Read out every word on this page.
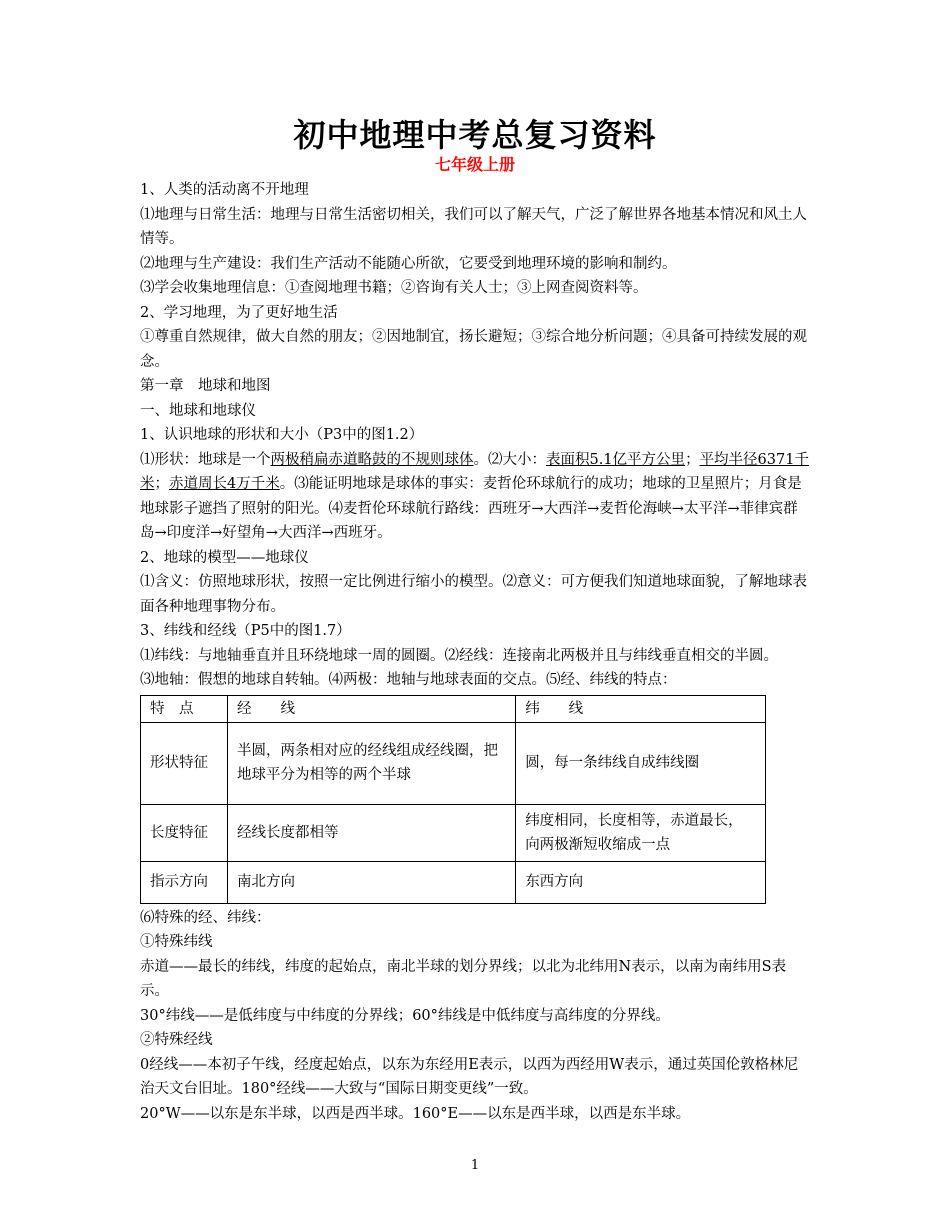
初中地理中考总复习资料
七年级上册

1、人类的活动离不开地理

⑴地理与日常生活：地理与日常生活密切相关，我们可以了解天气，广泛了解世界各地基本情况和风土人情等。

⑵地理与生产建设：我们生产活动不能随心所欲，它要受到地理环境的影响和制约。

⑶学会收集地理信息：①查阅地理书籍；②咨询有关人士；③上网查阅资料等。

2、学习地理，为了更好地生活

①尊重自然规律，做大自然的朋友；②因地制宜，扬长避短；③综合地分析问题；④具备可持续发展的观念。

第一章　地球和地图

一、地球和地球仪

1、认识地球的形状和大小（P3中的图1.2）

⑴形状：地球是一个两极稍扁赤道略鼓的不规则球体。⑵大小：表面积5.1亿平方公里；平均半径6371千米；赤道周长4万千米。⑶能证明地球是球体的事实：麦哲伦环球航行的成功；地球的卫星照片；月食是地球影子遮挡了照射的阳光。⑷麦哲伦环球航行路线：西班牙→大西洋→麦哲伦海峡→太平洋→菲律宾群岛→印度洋→好望角→大西洋→西班牙。

2、地球的模型——地球仪

⑴含义：仿照地球形状，按照一定比例进行缩小的模型。⑵意义：可方便我们知道地球面貌，了解地球表面各种地理事物分布。

3、纬线和经线（P5中的图1.7）

⑴纬线：与地轴垂直并且环绕地球一周的圆圈。⑵经线：连接南北两极并且与纬线垂直相交的半圆。

⑶地轴：假想的地球自转轴。⑷两极：地轴与地球表面的交点。⑸经、纬线的特点：

特　点	经　　线	纬　　线
形状特征	半圆，两条相对应的经线组成经线圈，把地球平分为相等的两个半球	圆，每一条纬线自成纬线圈
长度特征	经线长度都相等	纬度相同，长度相等，赤道最长，向两极渐短收缩成一点
指示方向	南北方向	东西方向

⑹特殊的经、纬线：

①特殊纬线

赤道——最长的纬线，纬度的起始点，南北半球的划分界线；以北为北纬用N表示，以南为南纬用S表示。

30°纬线——是低纬度与中纬度的分界线；60°纬线是中低纬度与高纬度的分界线。

②特殊经线

0经线——本初子午线，经度起始点，以东为东经用E表示，以西为西经用W表示，通过英国伦敦格林尼治天文台旧址。180°经线——大致与“国际日期变更线”一致。

20°W——以东是东半球，以西是西半球。160°E——以东是西半球，以西是东半球。

1
